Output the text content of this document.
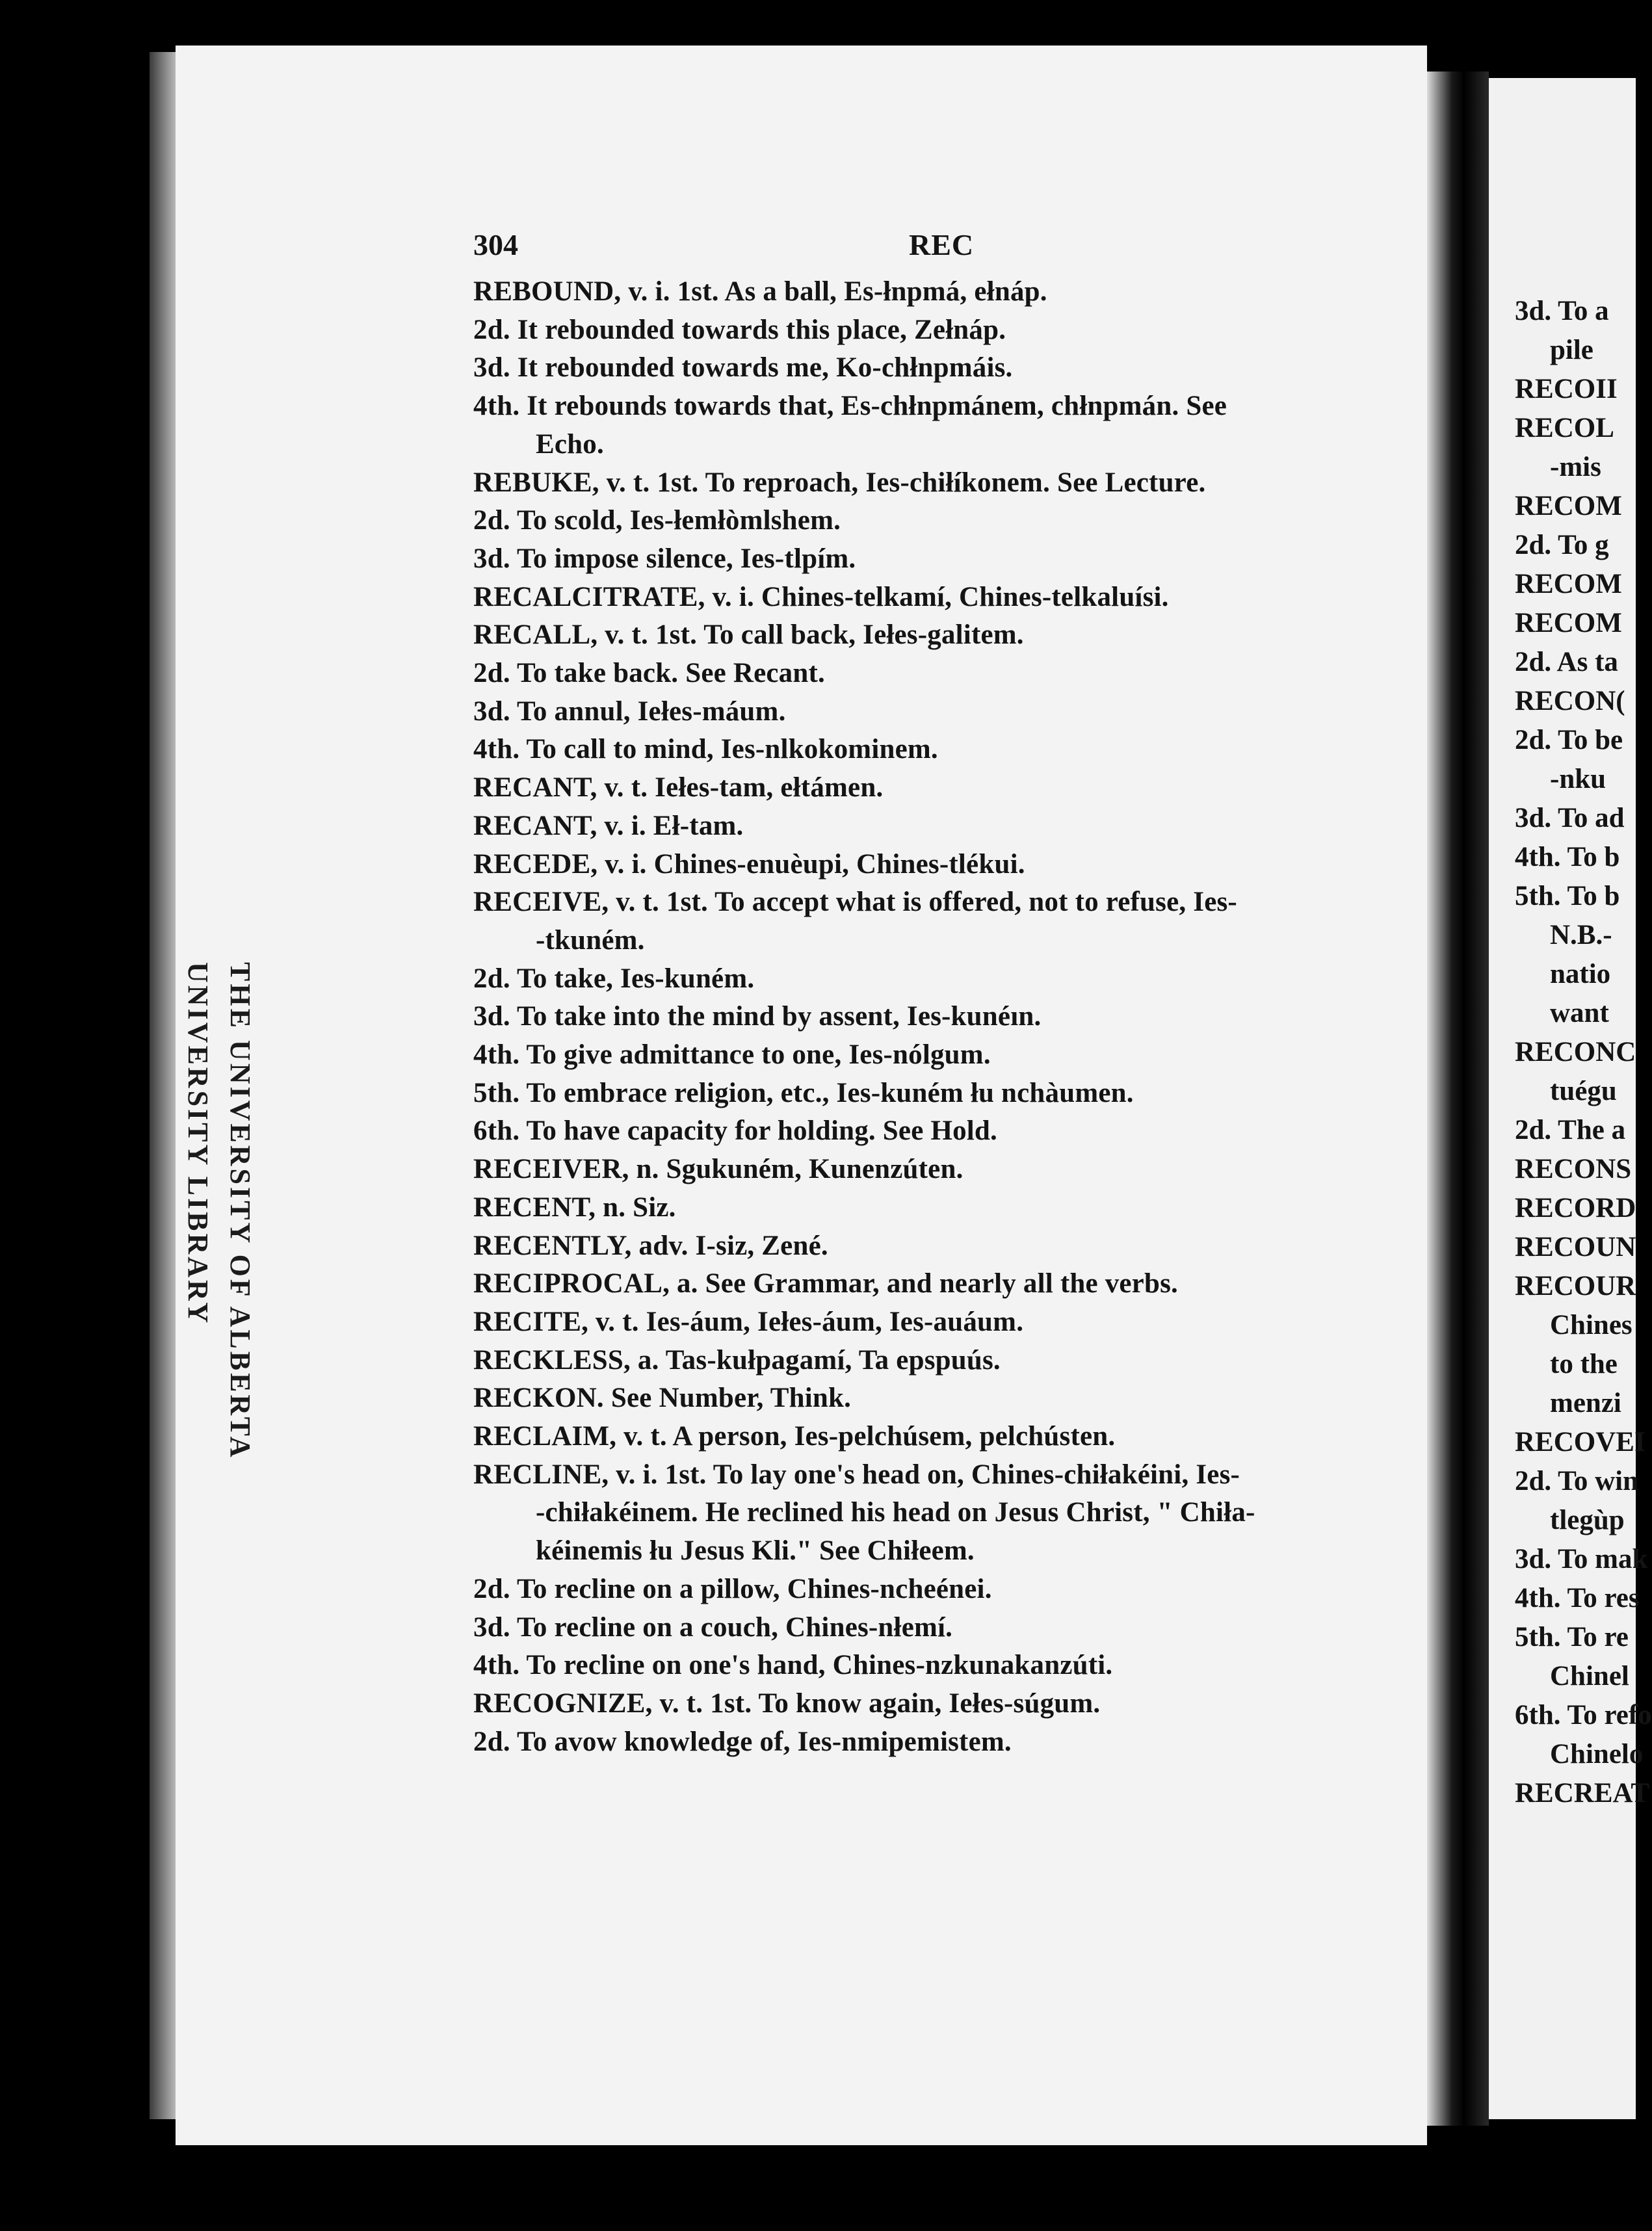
3d. To a
pile
RECOII
RECOL
-mis
RECOM
2d. To g
RECOM
RECOM
2d. As ta
RECON(
2d. To be
-nku
3d. To ad
4th. To b
5th. To b
N.B.-
natio
want
RECONC
tuégu
2d. The a
RECONS
RECORD
RECOUN
RECOUR
Chines
to the
menzi
RECOVEI
2d. To win
tlegùp
3d. To mak
4th. To res
5th. To re
Chinel
6th. To refo
Chinelo
RECREAT
UNIVERSITY LIBRARY THE UNIVERSITY OF ALBERTA
304	REC
REBOUND, v. i. 1st. As a ball, Es-łnpmá, ełnáp.
2d. It rebounded towards this place, Zełnáp.
3d. It rebounded towards me, Ko-chłnpmáis.
4th. It rebounds towards that, Es-chłnpmánem, chłnpmán. See
Echo.
REBUKE, v. t. 1st. To reproach, Ies-chiłíkonem. See Lecture.
2d. To scold, Ies-łemłòmlshem.
3d. To impose silence, Ies-tlpím.
RECALCITRATE, v. i. Chines-telkamí, Chines-telkaluísi.
RECALL, v. t. 1st. To call back, Iełes-galitem.
2d. To take back. See Recant.
3d. To annul, Iełes-máum.
4th. To call to mind, Ies-nlkokominem.
RECANT, v. t. Iełes-tam, ełtámen.
RECANT, v. i. Eł-tam.
RECEDE, v. i. Chines-enuèupi, Chines-tlékui.
RECEIVE, v. t. 1st. To accept what is offered, not to refuse, Ies-
-tkuném.
2d. To take, Ies-kuném.
3d. To take into the mind by assent, Ies-kunéın.
4th. To give admittance to one, Ies-nólgum.
5th. To embrace religion, etc., Ies-kuném łu nchàumen.
6th. To have capacity for holding. See Hold.
RECEIVER, n. Sgukuném, Kunenzúten.
RECENT, n. Siz.
RECENTLY, adv. I-siz, Zené.
RECIPROCAL, a. See Grammar, and nearly all the verbs.
RECITE, v. t. Ies-áum, Iełes-áum, Ies-auáum.
RECKLESS, a. Tas-kułpagamí, Ta epspuús.
RECKON. See Number, Think.
RECLAIM, v. t. A person, Ies-pelchúsem, pelchústen.
RECLINE, v. i. 1st. To lay one's head on, Chines-chiłakéini, Ies-
-chiłakéinem. He reclined his head on Jesus Christ, " Chiła-
kéinemis łu Jesus Kli." See Chiłeem.
2d. To recline on a pillow, Chines-ncheénei.
3d. To recline on a couch, Chines-nłemí.
4th. To recline on one's hand, Chines-nzkunakanzúti.
RECOGNIZE, v. t. 1st. To know again, Iełes-súgum.
2d. To avow knowledge of, Ies-nmipemistem.
